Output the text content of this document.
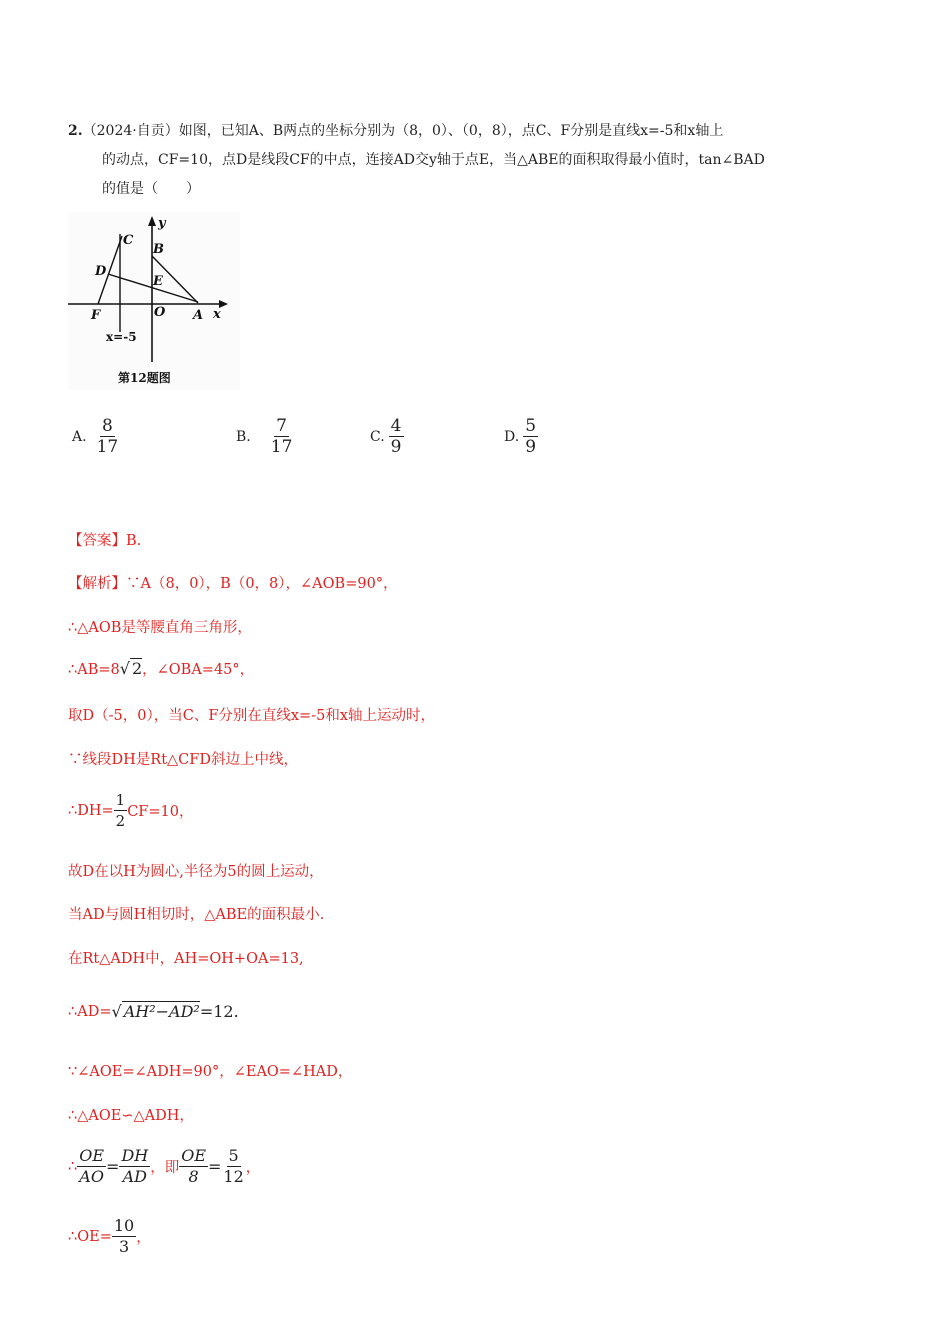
2.（2024·自贡）如图，已知A、B两点的坐标分别为（8，0）、（0，8），点C、F分别是直线x=-5和x轴上
的动点，CF=10，点D是线段CF的中点，连接AD交y轴于点E，当△ABE的面积取得最小值时，tan∠BAD
的值是（　　）
C
B
y
D
E
F	O A x
x=-5
第12题图
A. $\frac{8}{17}$	B. $\frac{7}{17}$	C. $\frac{4}{9}$	D. $\frac{5}{9}$
【答案】B.
【解析】∵A（8，0），B（0，8），∠AOB=90°，
∴△AOB是等腰直角三角形，
∴AB=8√ 2，∠OBA=45°，
取D（-5，0），当C、F分别在直线x=-5和x轴上运动时，
∵线段DH是Rt△CFD斜边上中线，
∴DH= $\frac{1}{2} CF=10$，
故D在以H为圆心,半径为5的圆上运动，
当AD与圆H相切时，△ABE的面积最小.
在Rt△ADH中，AH=OH+OA=13,
∴AD= √ AH²−AD² =12.
∵∠AOE=∠ADH=90°，∠EAO=∠HAD，
∴△AOE∽△ADH，
∴ $\frac{OE}{AO} = \frac{DH}{AD}$ ，即 $\frac{OE}{8} = \frac{5}{12}$ ，
∴OE= $\frac{10}{3}$ ，
